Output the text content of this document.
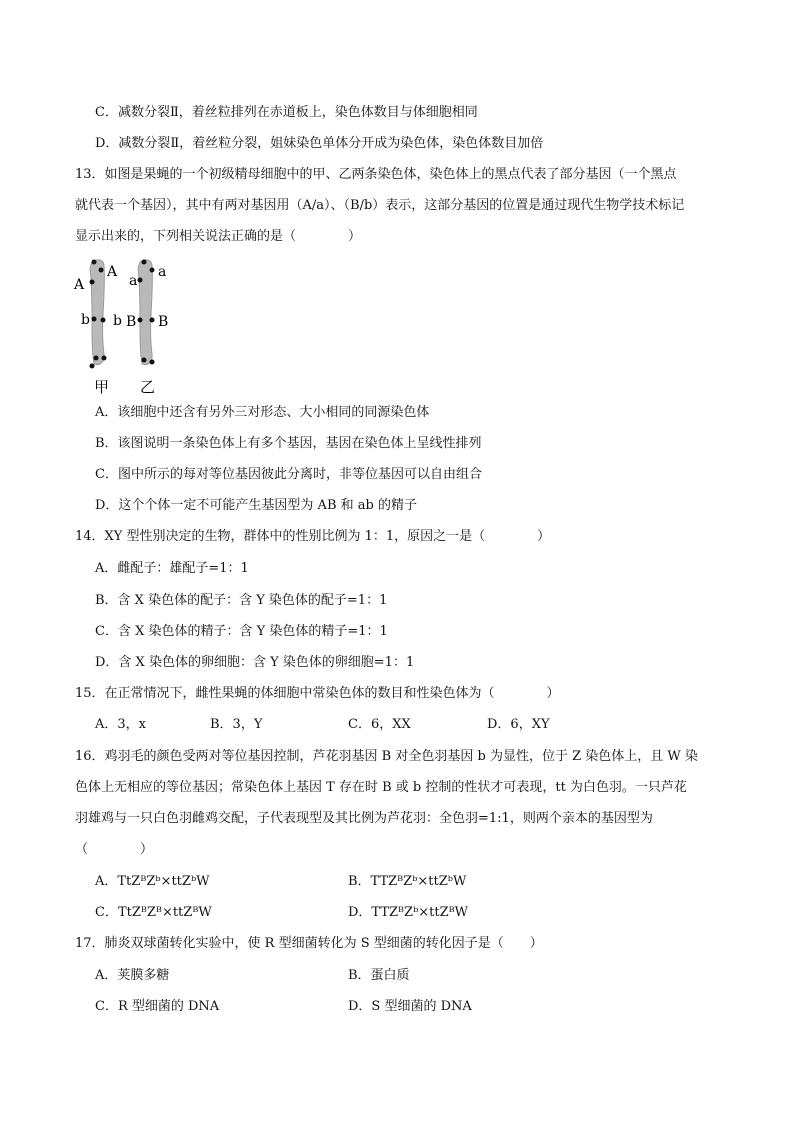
C．减数分裂Ⅱ，着丝粒排列在赤道板上，染色体数目与体细胞相同
D．减数分裂Ⅱ，着丝粒分裂，姐妹染色单体分开成为染色体，染色体数目加倍
13．如图是果蝇的一个初级精母细胞中的甲、乙两条染色体，染色体上的黑点代表了部分基因（一个黑点
就代表一个基因），其中有两对基因用（A/a）、（B/b）表示，这部分基因的位置是通过现代生物学技术标记
显示出来的，下列相关说法正确的是（　　　　）
A
A
b b
a
a
B B
甲 乙
A．该细胞中还含有另外三对形态、大小相同的同源染色体
B．该图说明一条染色体上有多个基因，基因在染色体上呈线性排列
C．图中所示的每对等位基因彼此分离时，非等位基因可以自由组合
D．这个个体一定不可能产生基因型为 AB 和 ab 的精子
14．XY 型性别决定的生物，群体中的性别比例为 1：1，原因之一是（　　　　）
A．雌配子：雄配子=1：1
B．含 X 染色体的配子：含 Y 染色体的配子=1：1
C．含 X 染色体的精子：含 Y 染色体的精子=1：1
D．含 X 染色体的卵细胞：含 Y 染色体的卵细胞=1：1
15．在正常情况下，雌性果蝇的体细胞中常染色体的数目和性染色体为（　　　　）
A．3，x	B．3，Y	C．6，XX	D．6，XY
16．鸡羽毛的颜色受两对等位基因控制，芦花羽基因 B 对全色羽基因 b 为显性，位于 Z 染色体上，且 W 染
色体上无相应的等位基因；常染色体上基因 T 存在时 B 或 b 控制的性状才可表现，tt 为白色羽。一只芦花
羽雄鸡与一只白色羽雌鸡交配，子代表现型及其比例为芦花羽：全色羽=1:1，则两个亲本的基因型为
（　　　　）
A．TtZᴮZᵇ×ttZᵇW	B．TTZᴮZᵇ×ttZᵇW
C．TtZᴮZᴮ×ttZᴮW	D．TTZᴮZᵇ×ttZᴮW
17．肺炎双球菌转化实验中，使 R 型细菌转化为 S 型细菌的转化因子是（　　）
A．荚膜多糖	B．蛋白质
C．R 型细菌的 DNA	D．S 型细菌的 DNA
